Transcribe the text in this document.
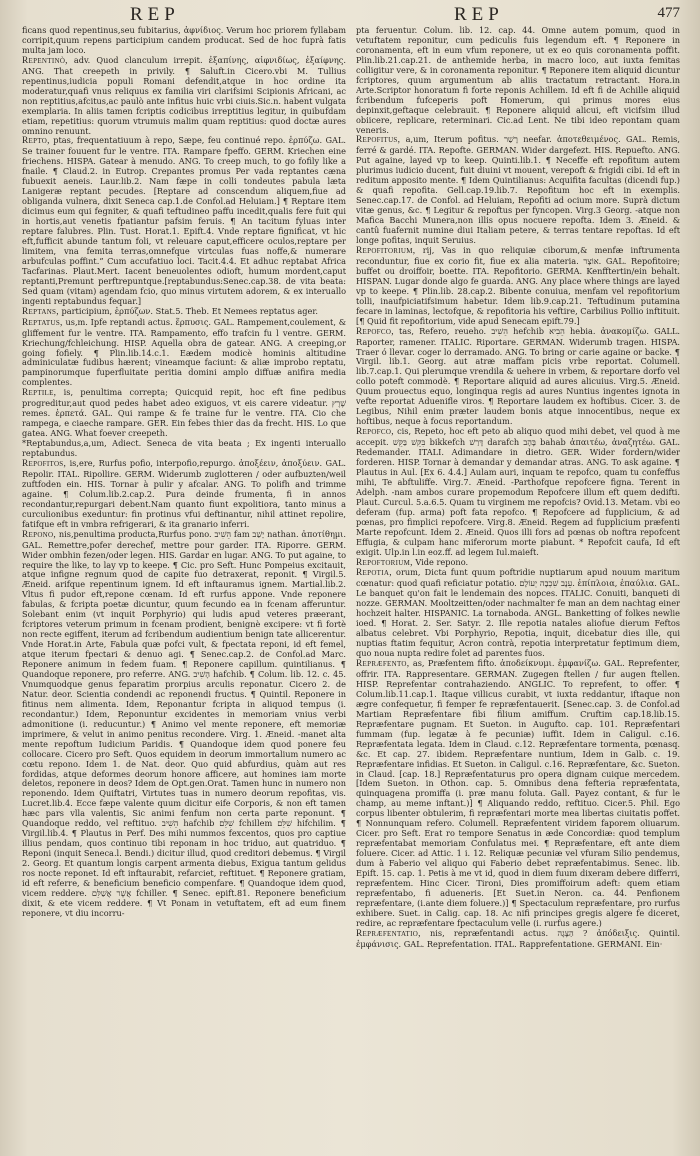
REP	REP	477

ficans quod repentinus,seu fubitarius, ἀφνίδιος. Verum hoc priorem fyllabam corripit,quum repens participium candem producat. Sed de hoc fuprà fatis multa jam loco.

Repentinò, adv. Quod clanculum irrepit. ἐξαπίνης, αἰφνιδίως, ἐξαίφνης. ANG. That creepeth in privily. ¶ Saluft.in Cicero.vbi M. Tullius repentinus,iudicia populi Romani defendit,atque in hoc ordine ita moderatur,quafi vnus reliquus ex familia viri clarifsimi Scipionis Africani, ac non reptitius,afcitus,ac paulò ante infitus huic vrbi ciuis.Sic.n. habent vulgata exemplaria. In aliis tamen fcriptis codicibus irreptitius legitur, in quibufdam etiam, repetitius: quorum vtrumuis malim quam reptitius: quod doctæ aures omnino renuunt.

Repto, ptas, frequentatiuum à repo, Sæpe, feu continué repo. ἑρπύζω. GAL. Se trainer fouuent fur le ventre. ITA. Rampare fpeffo. GERM. Kriechen eine friechens. HISPA. Gatear à menudo. ANG. To creep much, to go fofily like a fnaile. ¶ Claud.2. in Eutrop. Crepantes promus Per vada reptantes cæna fubuexit aeneis. Laur.lib.2. Nam fæpe in colli tondeutes pabula læta Lanigeræ reptant pecudes. [Reptare ad conscendum aliquem,fiue ad obliganda vulnera, dixit Seneca cap.1.de Confol.ad Heluiam.] ¶ Reptare item dicimus eum qui fegniter, & quafi teftudineo paffu incedit,qualis fere fuit qui in hortis,aut venetis fpatiantur pafsim feruis. ¶ An tacitum fyluas inter reptare falubres. Plin. Tust. Horat.1. Epift.4. Vnde reptare fignificat, vt hic eft,fufficit abunde tantum foli, vt releuare caput,efficere oculos,reptare per limitem, vna femita terras,omnefque virtculas fuas noffe,& numerare arbufculas poffint.” Cum accufatiuo loci. Tacit.4.4. Et adhuc reptabat Africa Tacfarinas. Plaut.Mert. Iacent beneuolentes odioft, humum mordent,caput reptanti,Premunt perftrepuntque.[reptabundus:Senec.cap.38. de vita beata: Sed quam (vitam) agendam fcio, quo minus virtutem adorem, & ex interuallo ingenti reptabundus fequar.]

Reptans, participium, ἑρπύζων. Stat.5. Theb. Et Nemees reptatus ager.

Reptatus, us,m. Ipfe reptandi actus. ἕρπυσις. GAL. Rampement,coulement, & gliffement fur le ventre. ITA. Rampamento, effo trafcin fu l ventre. GERM. Kriechung/fchleichung. HISP. Aquella obra de gatear. ANG. A creeping,or going fofiely. ¶ Plin.lib.14.c.1. Eædem modicè hominis altitudine adminiculatæ fudibus hærent; vineamque faciunt: & aliæ improbo reptatu, pampinorumque fuperfluitate peritia domini amplo diffuæ anifira media complentes.

Reptile, is, penultima correpta; Quicquid repit, hoc eft fine pedibus progreditur,aut quod pedes habet adeo exiguos, vt eis carere videatur. שֶׁרֶץ remes. ἑρπετά. GAL. Qui rampe & fe traine fur le ventre. ITA. Cio che rampega, e ciaeche rampare. GER. Ein febes thier das da frecht. HIS. Lo que gatea. ANG. What foever creepeth.

*Reptabundus,a,um, Adiect. Seneca de vita beata ; Ex ingenti interuallo reptabundus.

Repofitos, is,ere, Rurfus pofio, interpofio,repurgo. ἀποξέειν, ἀποξύειν. GAL. Repolir. ITAL. Ripollire. GERM. Widerumb zuglotteren / oder aufbuzten/weil zuftfoden ein. HIS. Tornar à pulir y afcalar. ANG. To polifh and trimme againe. ¶ Colum.lib.2.cap.2. Pura deinde frumenta, fi in annos recondantur,repurgari debent.Nam quanto fiunt expolitiora, tanto minus a curculionibus exeduntur: fin protinus vfui deftinantur, nihil attinet repolire, fatifque eft in vmbra refrigerari, & ita granario inferri.

Repono, nis,penultima producta,Rurfus pono. הֵשִׁיב fam יָשַׁב nathan. ἀποτίθημι. GAL. Remettre,pofer derechef, mettre pour garder. ITA. Riporre. GERM. Wider ombhin fezen/oder legen. HIS. Gardar en lugar. ANG. To put againe, to require the like, to lay vp to keepe. ¶ Cic. pro Seft. Hunc Pompeius excitauit, atque infigne regnum quod de capite fuo detraxerat, reponit. ¶ Virgil.5. Æneid. arifque repentinum ignem. Id eft inftauramus ignem. Martial.lib.2. Vltus fi pudor eft,repone cœnam. Id eft rurfus appone. Vnde reponere fabulas, & fcripta poetæ dicuntur, quum fecundo ea in fcenam afferuntur. Solebant enim (vt inquit Porphyrio) qui ludis apud veteres præerant, fcriptores veterum primum in fcenam prodient, benignè excipere: vt fi fortè non recte egiffent, iterum ad fcribendum audientium benign tate allicerentur. Vnde Horat.in Arte, Fabula quæ pofci vult, & fpectata reponi, id eft femel, atque iterum fpectari & denuo agi. ¶ Senec.cap.2. de Confol.ad Marc. Reponere animum in fedem fuam. ¶ Reponere capillum. quintilianus. ¶ Quandoque reponere, pro referre. ANG. הָשִׁיב hafchib. ¶ Colum. lib. 12. c. 45. Vnumquodque genus feparatim prorpius arculis reponatur. Cicero 2. de Natur. deor. Scientia condendi ac reponendi fructus. ¶ Quintil. Reponere in fitinus nem alimenta. Idem, Reponantur fcripta in aliquod tempus (i. recondantur.) Idem, Reponuntur excidentes in memoriam vnius verbi admonitione (i. reducuntur.) ¶ Animo vel mente reponere, eft memoriæ imprimere, & velut in animo penitus recondere. Virg. 1. Æneid. -manet alta mente repoftum Iudicium Paridis. ¶ Quandoque idem quod ponere feu collocare. Cicero pro Seft. Quos equidem in deorum immortalium numero ac cœtu repono. Idem 1. de Nat. deor. Quo quid abfurdius, quàm aut res fordidas, atque deformes deorum honore afficere, aut homines iam morte deletos, reponere in deos? Idem de Opt.gen.Orat. Tamen hunc in numero non reponendo. Idem Quiftatri, Virtutes tuas in numero deorum repofitas, vis. Lucret.lib.4. Ecce fæpe valente quum dicitur eife Corporis, & non eft tamen hæc pars vlla valentis, Sic animi fenfum non certa parte reponunt. ¶ Quandoque reddo, vel reftituo. הֵשִׁיב hafchib שִׁלֵּם fchillem שִׁלֵּם hifchilim. ¶ Virgil.lib.4. ¶ Plautus in Perf. Des mihi nummos fexcentos, quos pro captiue illius pendam, quos continuo tibi reponam in hoc triduo, aut quatriduo. ¶ Reponi (inquit Seneca.l. Bendi.) dicitur illud, quod creditori debemus. ¶ Virgil 2. Georg. Et quantum longis carpent armenta diebus, Exigua tantum gelidus ros nocte reponet. Id eft inftaurabit, refarciet, reftituet. ¶ Reponere gratiam, id eft referre, & beneficium beneficio compenfare. ¶ Quandoque idem quod, vicem reddere. אֲשֶׁר אֲשַׁלֵּם fchiller. ¶ Senec. epift.81. Reponere beneficium dixit, & ete vicem reddere. ¶ Vt Ponam in vetuftatem, eft ad eum finem reponere, vt diu incorru-

pta feruentur. Colum. lib. 12. cap. 44. Omne autem pomum, quod in vetuftatem reponitur, cum pediculis fuis legendum eft. ¶ Reponere in coronamenta, eft in eum vfum reponere, ut ex eo quis coronamenta poffit. Plin.lib.21.cap.21. de anthemide herba, in macro loco, aut iuxta femitas colligitur vere, & in coronamenta reponitur. ¶ Reponere item aliquid dicuntur fcriptores, quum argumentum ab aliis tractatum retractant. Hora.in Arte.Scriptor honoratum fi forte reponis Achillem. Id eft fi de Achille aliquid fcribendum fufceperis poft Homerum, qui primus mores eius depinxit,geftaque celebrauit. ¶ Reponere aliquid alicui, eft vicifsim illud obiicere, replicare, reterminari. Cic.ad Lent. Ne tibi ideo repontam quam veneris.

Repofitus, a,um, Iterum pofitus. רָשַׁר neefar. ἀποτεθειμένος. GAL. Remis, ferré & gardé. ITA. Repofte. GERMAN. Wider dargefezt. HIS. Repuefto. ANG. Put againe, layed vp to keep. Quinti.lib.1. ¶ Neceffe eft repofitum autem plurimus iudicio ducent, fuit diuini vt mouent, verepoft & frigidi cibi. Id eft in reditum apposito mente. ¶ Idem Quintilianus: Acquifita facultas (dicendi fup.) & quafi repofita. Gell.cap.19.lib.7. Repofitum hoc eft in exemplis. Senec.cap.17. de Confol. ad Heluiam, Repofiti ad ocium more. Suprà dictum vitæ genus, &c. ¶ Legitur & repoftus per fyncopen. Virg.3 Georg. -atque non Mafica Bacchi Munera,non illis opus nocuere repofta. Idem 3. Æneid. & cantû fuafernit numine diui Italiam petere, & terras tentare repoftas. Id eft longe pofitas, inquit Seruius.

Repofitorium, rij, Vas in quo reliquiæ ciborum,& menfæ inftrumenta reconduntur, fiue ex corio fit, fiue ex alia materia. אוֹצָר. GAL. Repofitoire; buffet ou droiffoir, boette. ITA. Repofitorio. GERMA. Kenfftertin/ein behalt. HISPAN. Lugar donde algo fe guarda. ANG. Any place where things are layed vp to keepe. ¶ Plin.lib. 28.cap.2. Bibente conuiua, menfam vel repofitorium tolli, inaufpiciatifsimum habetur. Idem lib.9.cap.21. Teftudinum putamina fecare in laminas, lectofque, & repofitoria his veftire, Carbilius Pollio inftituit. [¶ Quid fit repofitorium, vide apud Senecam epift.79.]

Repofco, tas, Refero, reueho. הֵשִׁיב hefchib הֵבִיא hebia. ἀνακομίζω. GALL. Raporter, ramener. ITALIC. Riportare. GERMAN. Widerumb tragen. HISPA. Traer ó llevar. coger lo derramado. ANG. To bring or carie againe or backe. ¶ Virgil. lib.1. Georg. aut atræ maffam picis vrbe reportat. Columell. lib.7.cap.1. Qui plerumque vrendila & uehere in vrbem, & reportare dorfo vel collo poteft commodè. ¶ Reportare aliquid ad aures alicuius. Virg.5. Æneid. Quum prouectus equo, longinqua regis ad aures Nuntius ingentes ignota in vefte reportat Aduenifle viros. ¶ Reportare laudem ex hoftibus. Cicer. 3. de Legibus, Nihil enim præter laudem bonis atque innocentibus, neque ex hoftibus, neque à focus reportandum.

Repofco, cis, Repeto, hoc eft peto ab aliquo quod mihi debet, vel quod à me accepit. בִּקֵּשׁ בַּקֵּשׁ bikkefch דָּרַשׁ darafch בָּהָב bahab ἀπαιτέω, ἀναζητέω. GAL. Redemander. ITALI. Adimandare in dietro. GER. Wider fordern/wider forderen. HISP. Tornar à demandar y demandar atras. ANG. To ask againe. ¶ Plautus in Aul. [Ex 6. 4.4.] Aulam auri, inquam te repofco, quam tu confeffus mihi, Te abftuliffe. Virg.7. Æneid. -Parthofque repofcere figna. Terent in Adelph. -nam ambos curare propemodum Repofcere illum eft quem dedifti. Plaut. Curcul. 5.a.6.5. Quam tu virginem me repofcis? Ovid.13. Metam. vbi eo deferam (fup. arma) poft fata repofco. ¶ Repofcere ad fupplicium, & ad pœnas, pro fimplici repofcere. Virg.8. Æneid. Regem ad fupplicium præfenti Marte repofcunt. Idem 2. Æneid. Quos illi fors ad pœnas ob noftra repofcent Effugia, & culpam hanc miferorum morte piabunt. * Repofcit caufa, Id eft exigit. Ulp.in l.in eoz.ff. ad legem Iul.maieft.

Repoftorium, Vide repono.

Repotia, orum, Dicta funt quum poftridie nuptiarum apud nouum maritum cœnatur: quod quafi reficiatur potatio. עֵנָב שִׁכְבָה יְעוֹלָם. ἐπίπλοια, ἐπαύλια. GAL. Le banquet qu'on fait le lendemain des nopces. ITALIC. Conuiti, banqueti di nozze. GERMAN. Mooltzeitten/oder nachmalter fe man an dem nachtag einer hochzeit halter. HISPANIC. La tornaboda. ANGL. Banketting of folkes newlie ioed. ¶ Horat. 2. Ser. Satyr. 2. Ille repotia natales aliofue dierum Feftos albatus celebret. Vbi Porphyrio, Repotia, inquit, dicebatur dies ille, qui nuptias ftatim fequitur, Acron contrà, repotia interpretatur feptimum diem, quo noua nupta redire folet ad parentes fuos.

Repræfento, as, Præfentem fifto. ἀποδείκνυμι. ἐμφανίζω. GAL. Reprefenter, offrir. ITA. Rappresentare. GERMAN. Zugegen ftellen / fur augen ftellen. HISP. Reprefentar contrahaziendo. ANGLIC. To reprefent, to offer. ¶ Colum.lib.11.cap.1. Itaque villicus curabit, vt iuxta reddantur, iftaque non ægre confequetur, fi femper fe repræfentauerit. [Senec.cap. 3. de Confol.ad Martiam Repræfentare fibi filium amiffum. Cruftim cap.18.lib.15. Repræfentare pugnam. Et Sueton. in Augufto. cap. 101. Repræfentari fummam (fup. legatæ à fe pecuniæ) iuffit. Idem in Caligul. c.16. Repræfentata legata. Idem in Claud. c.12. Repræfentare tormenta, pœnasq. &c. Et cap. 27. ibidem. Repræfentare nuntium, Idem in Galb. c. 19. Repræfentare infidias. Et Sueton. in Caligul. c.16. Repræfentare, &c. Sueton. in Claud. [cap. 18.] Repræfentaturus pro opera dignam cuique mercedem. [Idem Sueton. in Othon. cap. 5. Omnibus dena fefteria repræfentata, quinquagena promiffa (i. præ manu foluta. Gall. Payez contant, & fur le champ, au meme inftant.)] ¶ Aliquando reddo, reftituo. Cicer.5. Phil. Ego corpus libenter obtulerim, fi repræfentari morte mea libertas ciuitatis poffet. ¶ Nonnunquam refero. Columell. Repræfentent viridem faporem oliuarum. Cicer. pro Seft. Erat ro tempore Senatus in æde Concordiæ: quod templum repræfentabat memoriam Confulatus mei. ¶ Repræfentare, eft ante diem foluere. Cicer. ad Attic. 1 i. 12. Reliquæ pecuniæ vel vfuram Silio pendemus, dum à Faberio vel aliquo qui Faberio debet repræfentabimus. Senec. lib. Epift. 15. cap. 1. Petis à me vt id, quod in diem fuum dixeram debere differri, repræfentem. Hinc Cicer. Tironi, Dies promiffoirum adeft: quem etiam repræfentabo, fi adueneris. [Et Suet.in Neron. ca. 44. Penfionem repræfentare, (i.ante diem foluere.)] ¶ Spectaculum repræfentare, pro rurfus exhibere. Suet. in Calig. cap. 18. Ac nifi principes gregis algere fe diceret, redire, ac repræfentare fpectaculum velle (i. rurfus agere.)

Repræfentatio, nis, repræfentandi actus. הַצָּגָה ? ἀπόδειξις. Quintil. ἐμφάνισις. GAL. Reprefentation. ITAL. Rapprefentatione. GERMANI. Ein·
